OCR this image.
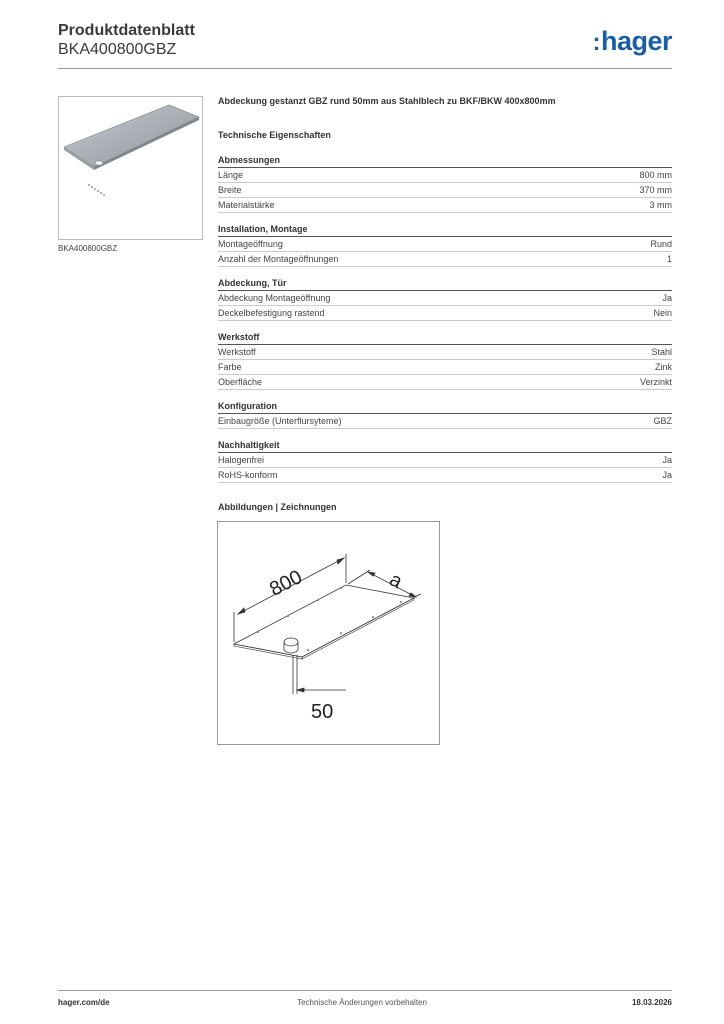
Produktdatenblatt
BKA400800GBZ	:hager
BKA400800GBZ
Abdeckung gestanzt GBZ rund 50mm aus Stahlblech zu BKF/BKW 400x800mm
Technische Eigenschaften
Abmessungen
Länge	800 mm
Breite	370 mm
Materialstärke	3 mm
Installation, Montage
Montageöffnung	Rund
Anzahl der Montageöffnungen	1
Abdeckung, Tür
Abdeckung Montageöffnung	Ja
Deckelbefestigung rastend	Nein
Werkstoff
Werkstoff	Stahl
Farbe	Zink
Oberfläche	Verzinkt
Konfiguration
Einbaugröße (Unterflursyteme)	GBZ
Nachhaltigkeit
Halogenfrei	Ja
RoHS-konform	Ja
Abbildungen | Zeichnungen
800	a
50
hager.com/de	Technische Änderungen vorbehalten	18.03.2026
